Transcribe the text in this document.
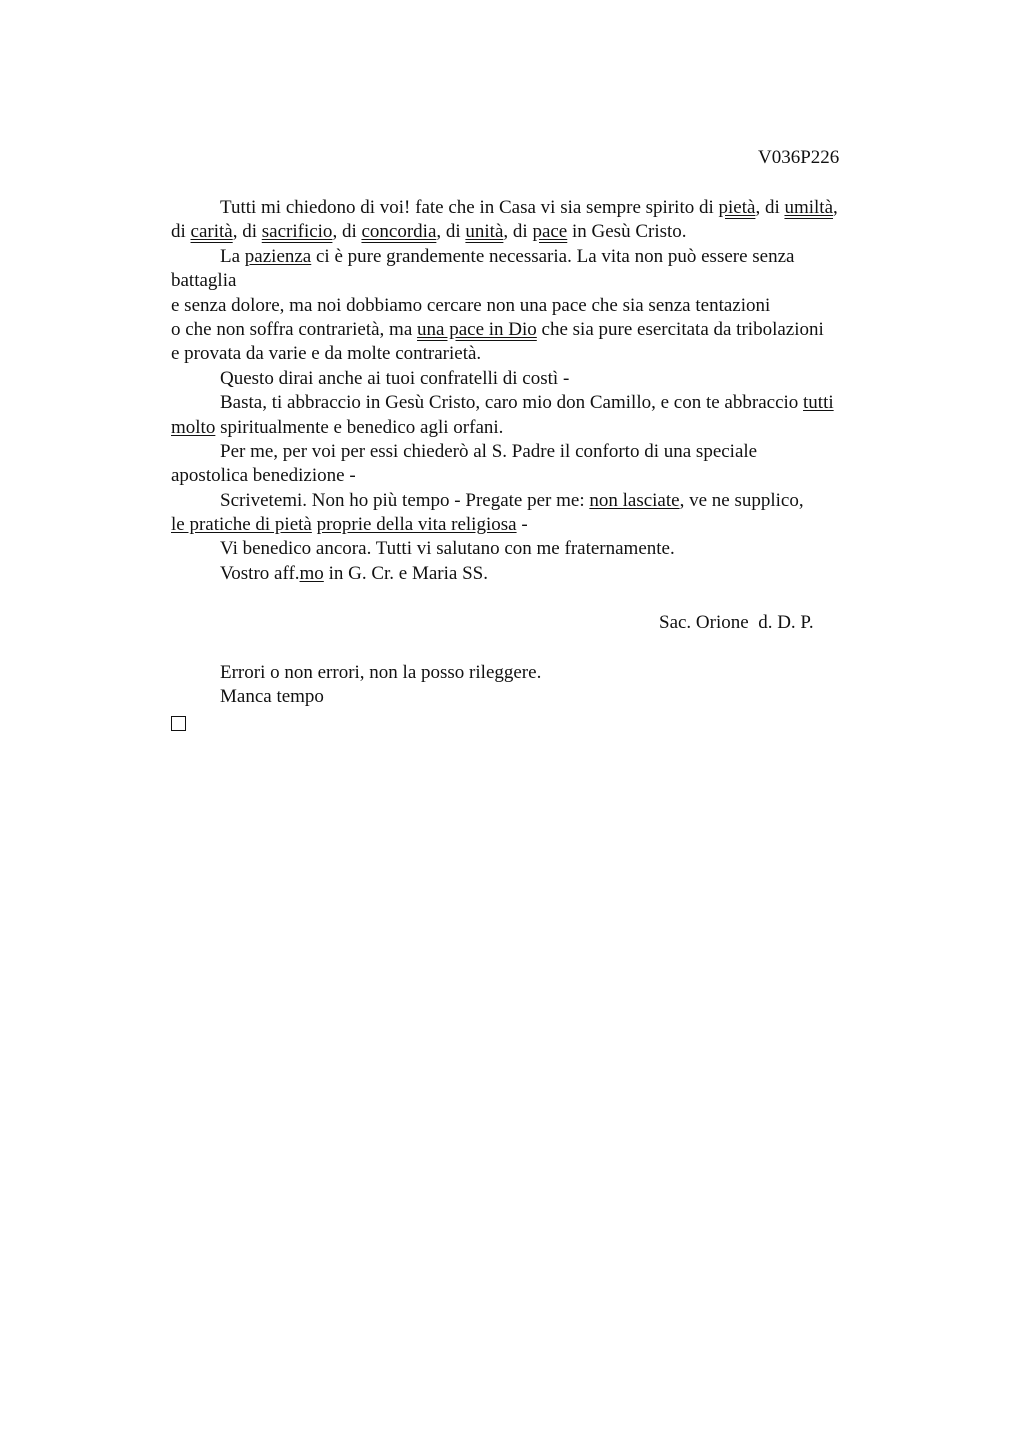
V036P226
Tutti mi chiedono di voi! fate che in Casa vi sia sempre spirito di pietà, di umiltà,
di carità, di sacrificio, di concordia, di unità, di pace in Gesù Cristo.
La pazienza ci è pure grandemente necessaria. La vita non può essere senza
battaglia
e senza dolore, ma noi dobbiamo cercare non una pace che sia senza tentazioni
o che non soffra contrarietà, ma una pace in Dio che sia pure esercitata da tribolazioni
e provata da varie e da molte contrarietà.
Questo dirai anche ai tuoi confratelli di costì -
Basta, ti abbraccio in Gesù Cristo, caro mio don Camillo, e con te abbraccio tutti
molto spiritualmente e benedico agli orfani.
Per me, per voi per essi chiederò al S. Padre il conforto di una speciale
apostolica benedizione -
Scrivetemi. Non ho più tempo - Pregate per me: non lasciate, ve ne supplico,
le pratiche di pietà proprie della vita religiosa -
Vi benedico ancora. Tutti vi salutano con me fraternamente.
Vostro aff.mo in G. Cr. e Maria SS.
Sac. Orione  d. D. P.
Errori o non errori, non la posso rileggere.
Manca tempo
